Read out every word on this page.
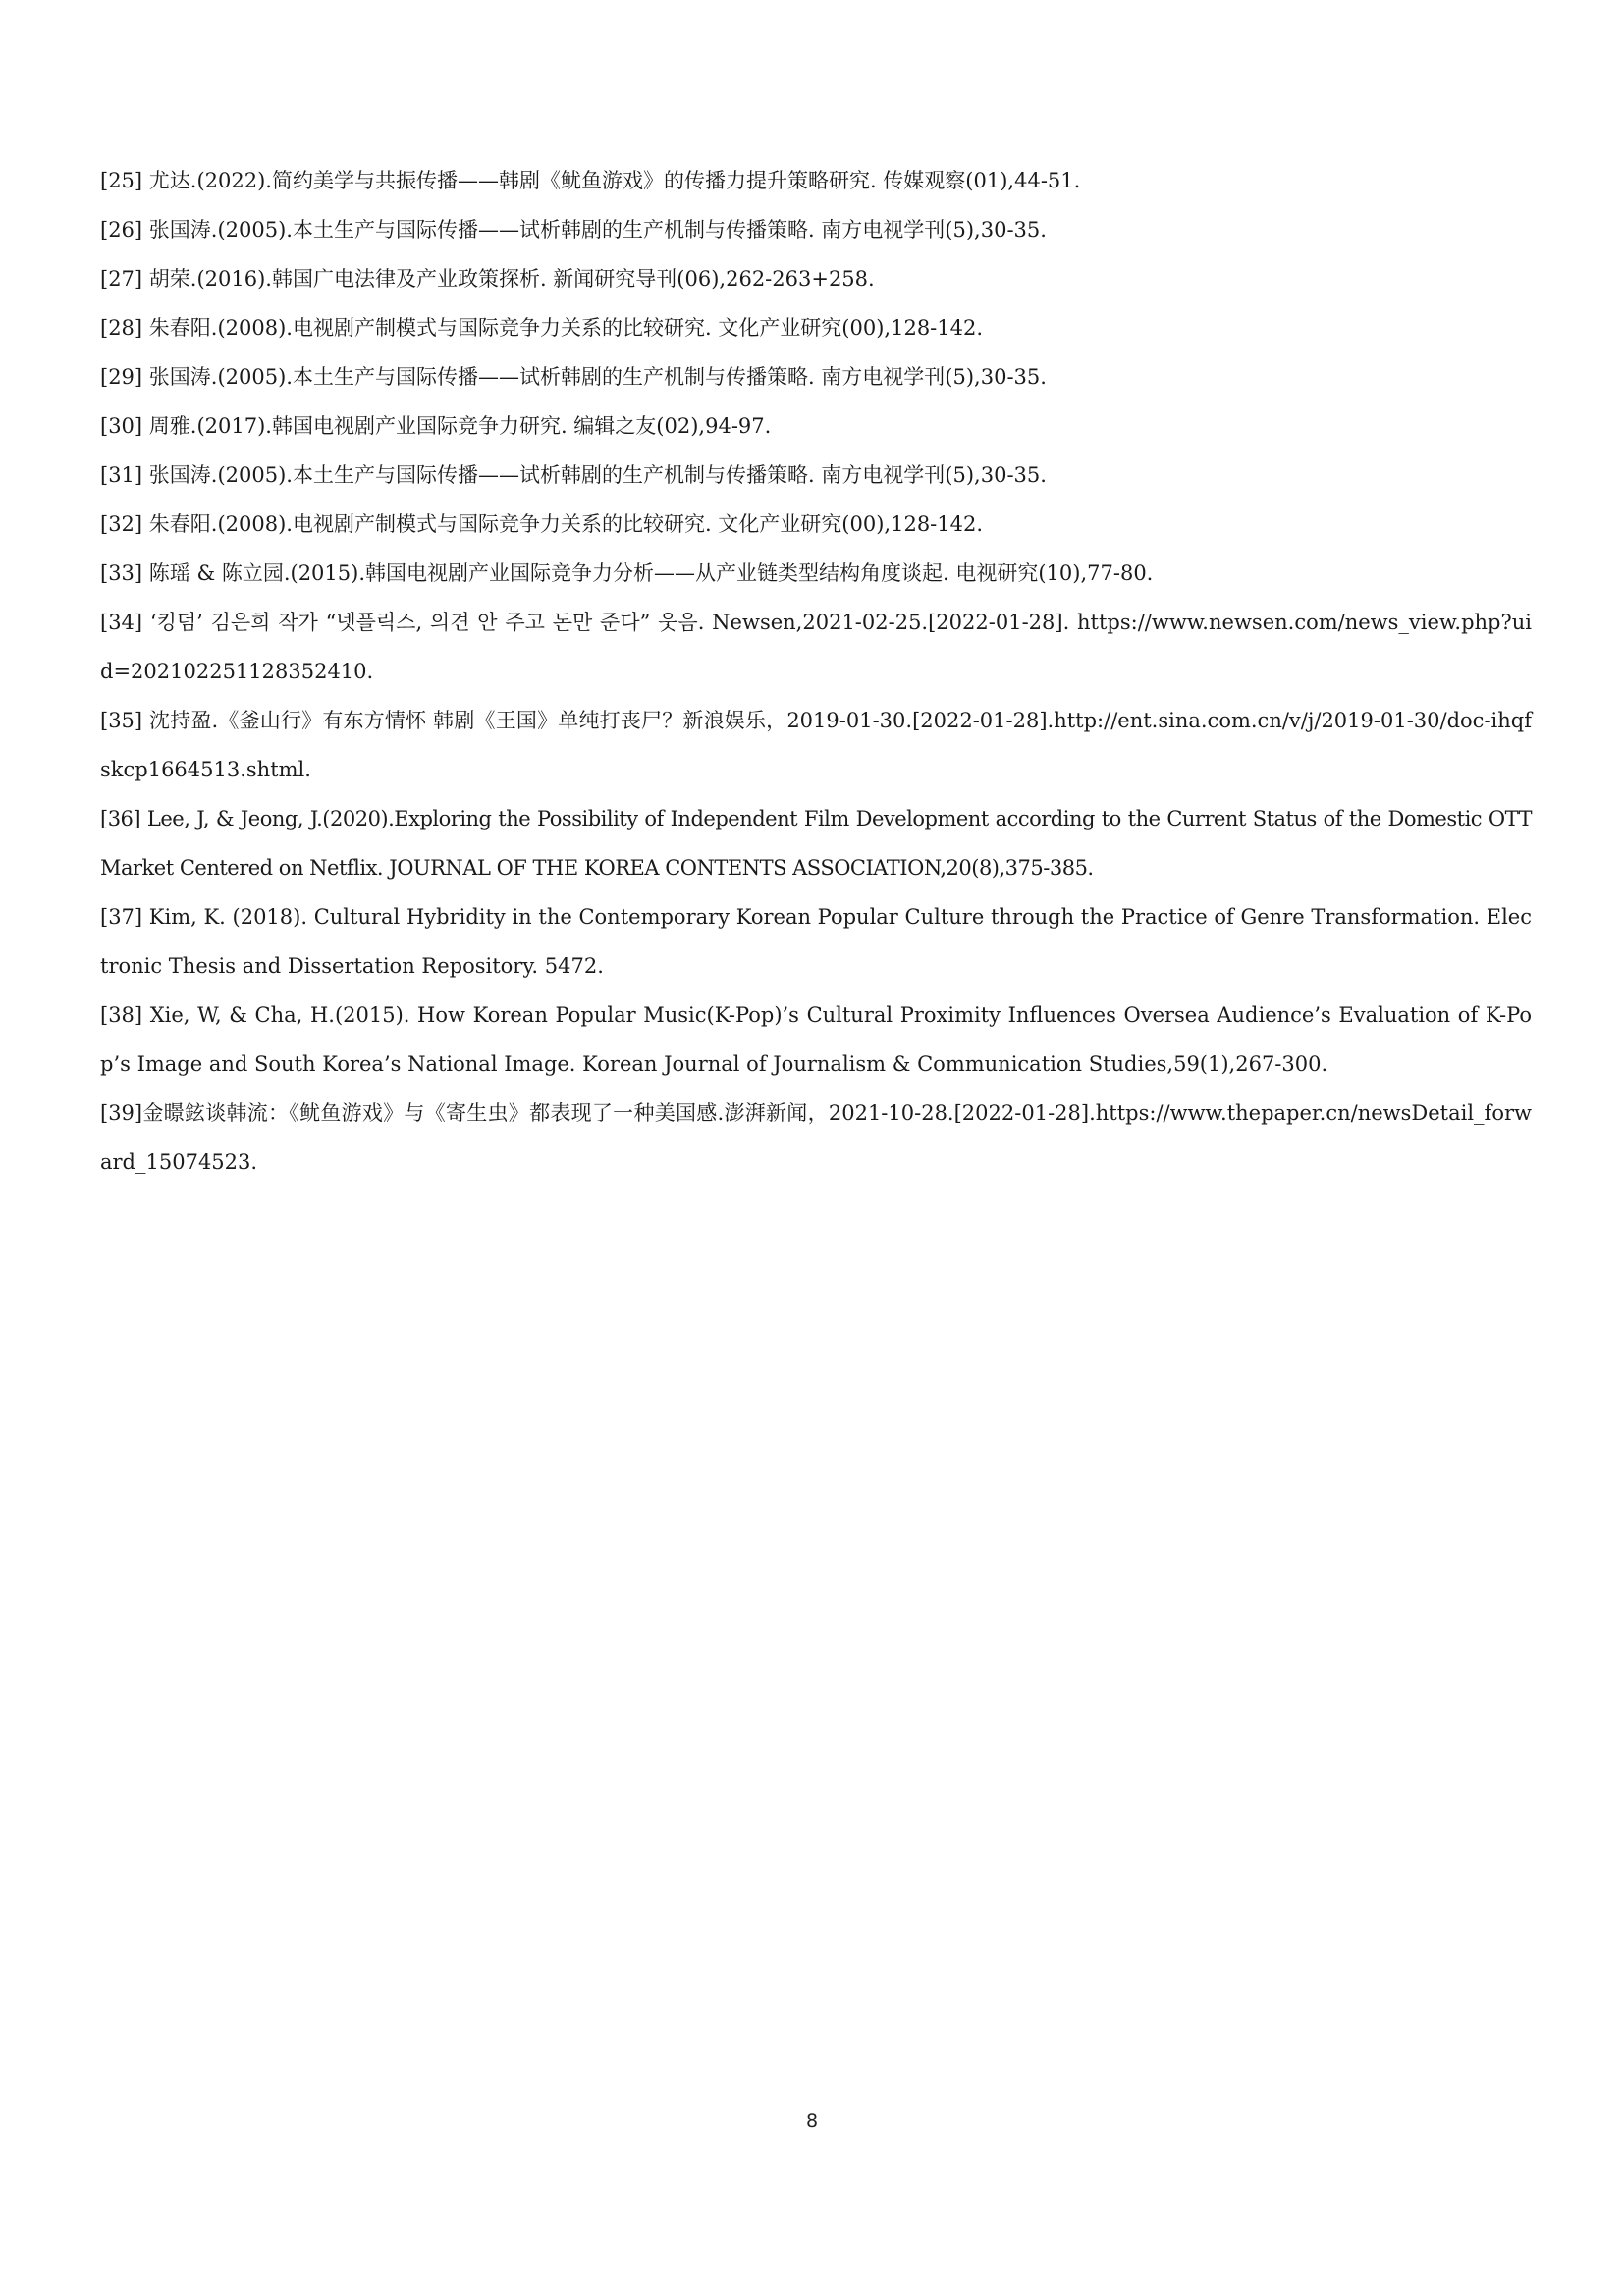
[25] 尤达.(2022).简约美学与共振传播——韩剧《鱿鱼游戏》的传播力提升策略研究. 传媒观察(01),44-51.
[26] 张国涛.(2005).本土生产与国际传播——试析韩剧的生产机制与传播策略. 南方电视学刊(5),30-35.
[27] 胡荣.(2016).韩国广电法律及产业政策探析. 新闻研究导刊(06),262-263+258.
[28] 朱春阳.(2008).电视剧产制模式与国际竞争力关系的比较研究. 文化产业研究(00),128-142.
[29] 张国涛.(2005).本土生产与国际传播——试析韩剧的生产机制与传播策略. 南方电视学刊(5),30-35.
[30] 周雅.(2017).韩国电视剧产业国际竞争力研究. 编辑之友(02),94-97.
[31] 张国涛.(2005).本土生产与国际传播——试析韩剧的生产机制与传播策略. 南方电视学刊(5),30-35.
[32] 朱春阳.(2008).电视剧产制模式与国际竞争力关系的比较研究. 文化产业研究(00),128-142.
[33] 陈瑶 & 陈立园.(2015).韩国电视剧产业国际竞争力分析——从产业链类型结构角度谈起. 电视研究(10),77-80.
[34] ‘킹덤’ 김은희 작가 “넷플릭스, 의견 안 주고 돈만 준다” 웃음. Newsen,2021-02-25.[2022-01-28]. https://www.newsen.com/news_view.php?uid=202102251128352410.
[35] 沈持盈.《釜山行》有东方情怀 韩剧《王国》单纯打丧尸？新浪娱乐，2019-01-30.[2022-01-28].http://ent.sina.com.cn/v/j/2019-01-30/doc-ihqfskcp1664513.shtml.
[36] Lee, J, & Jeong, J.(2020).Exploring the Possibility of Independent Film Development according to the Current Status of the Domestic OTT Market Centered on Netflix. JOURNAL OF THE KOREA CONTENTS ASSOCIATION,20(8),375-385.
[37] Kim, K. (2018). Cultural Hybridity in the Contemporary Korean Popular Culture through the Practice of Genre Transformation. Electronic Thesis and Dissertation Repository. 5472.
[38] Xie, W, & Cha, H.(2015). How Korean Popular Music(K-Pop)’s Cultural Proximity Influences Oversea Audience’s Evaluation of K-Pop’s Image and South Korea’s National Image. Korean Journal of Journalism & Communication Studies,59(1),267-300.
[39]金暻鉉谈韩流：《鱿鱼游戏》与《寄生虫》都表现了一种美国感.澎湃新闻，2021-10-28.[2022-01-28].https://www.thepaper.cn/newsDetail_forward_15074523.
8
